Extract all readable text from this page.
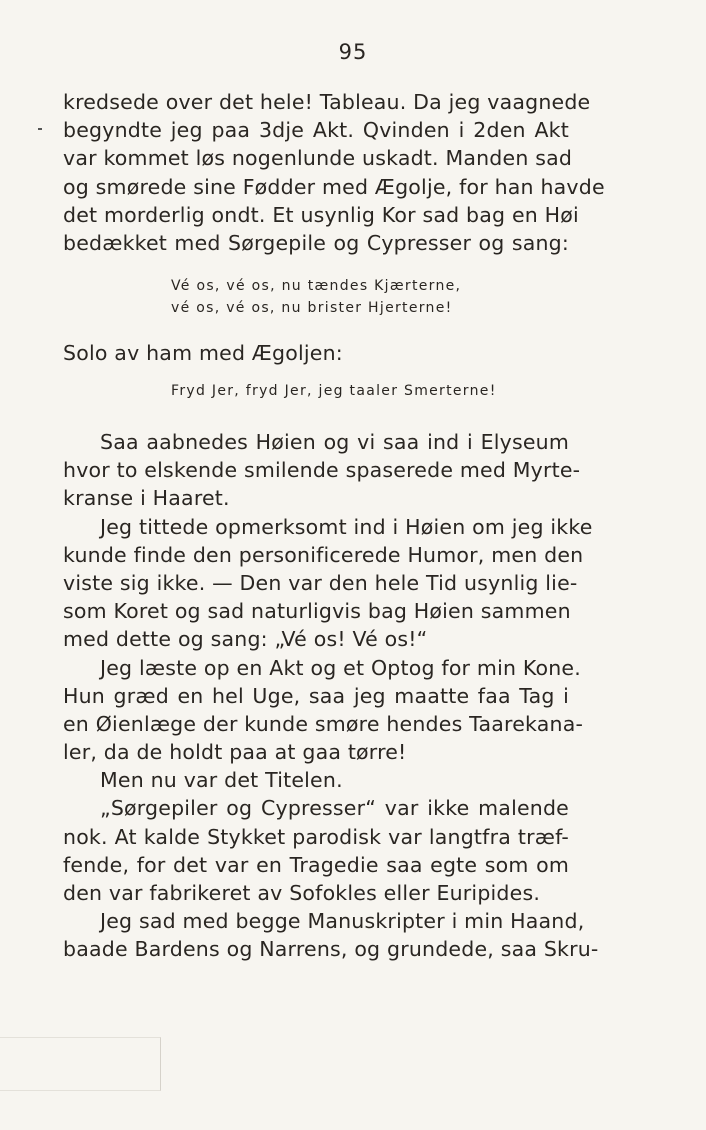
95
kredsede over det hele! Tableau. Da jeg vaagnede
begyndte jeg paa 3dje Akt. Qvinden i 2den Akt
var kommet løs nogenlunde uskadt. Manden sad
og smørede sine Fødder med Ægolje, for han havde
det morderlig ondt. Et usynlig Kor sad bag en Høi
bedækket med Sørgepile og Cypresser og sang:
Vé os, vé os, nu tændes Kjærterne,
vé os, vé os, nu brister Hjerterne!
Solo av ham med Ægoljen:
Fryd Jer, fryd Jer, jeg taaler Smerterne!
Saa aabnedes Høien og vi saa ind i Elyseum
hvor to elskende smilende spaserede med Myrte-
kranse i Haaret.
Jeg tittede opmerksomt ind i Høien om jeg ikke
kunde finde den personificerede Humor, men den
viste sig ikke. — Den var den hele Tid usynlig lie-
som Koret og sad naturligvis bag Høien sammen
med dette og sang: „Vé os! Vé os!“
Jeg læste op en Akt og et Optog for min Kone.
Hun græd en hel Uge, saa jeg maatte faa Tag i
en Øienlæge der kunde smøre hendes Taarekana-
ler, da de holdt paa at gaa tørre!
Men nu var det Titelen.
„Sørgepiler og Cypresser“ var ikke malende
nok. At kalde Stykket parodisk var langtfra træf-
fende, for det var en Tragedie saa egte som om
den var fabrikeret av Sofokles eller Euripides.
Jeg sad med begge Manuskripter i min Haand,
baade Bardens og Narrens, og grundede, saa Skru-
